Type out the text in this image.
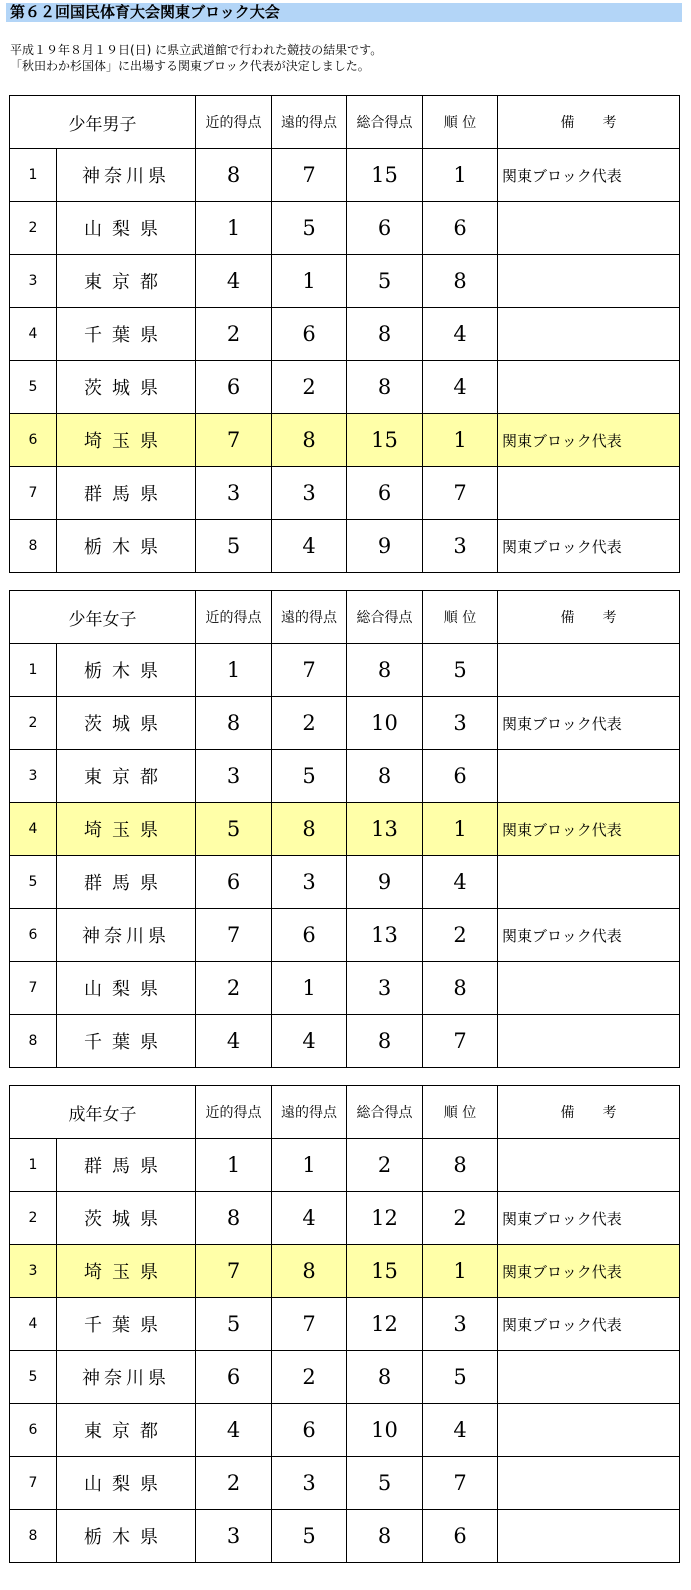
第６２回国民体育大会関東ブロック大会
平成１９年８月１９日(日) に県立武道館で行われた競技の結果です。
「秋田わか杉国体」に出場する関東ブロック代表が決定しました。
少年男子		近的得点	遠的得点	総合得点	順 位	備　　考
1	神奈川県	8	7	15	1	関東ブロック代表
2	山梨県	1	5	6	6	
3	東京都	4	1	5	8	
4	千葉県	2	6	8	4	
5	茨城県	6	2	8	4	
6	埼玉県	7	8	15	1	関東ブロック代表
7	群馬県	3	3	6	7	
8	栃木県	5	4	9	3	関東ブロック代表
少年女子		近的得点	遠的得点	総合得点	順 位	備　　考
1	栃木県	1	7	8	5	
2	茨城県	8	2	10	3	関東ブロック代表
3	東京都	3	5	8	6	
4	埼玉県	5	8	13	1	関東ブロック代表
5	群馬県	6	3	9	4	
6	神奈川県	7	6	13	2	関東ブロック代表
7	山梨県	2	1	3	8	
8	千葉県	4	4	8	7	
成年女子		近的得点	遠的得点	総合得点	順 位	備　　考
1	群馬県	1	1	2	8	
2	茨城県	8	4	12	2	関東ブロック代表
3	埼玉県	7	8	15	1	関東ブロック代表
4	千葉県	5	7	12	3	関東ブロック代表
5	神奈川県	6	2	8	5	
6	東京都	4	6	10	4	
7	山梨県	2	3	5	7	
8	栃木県	3	5	8	6	
